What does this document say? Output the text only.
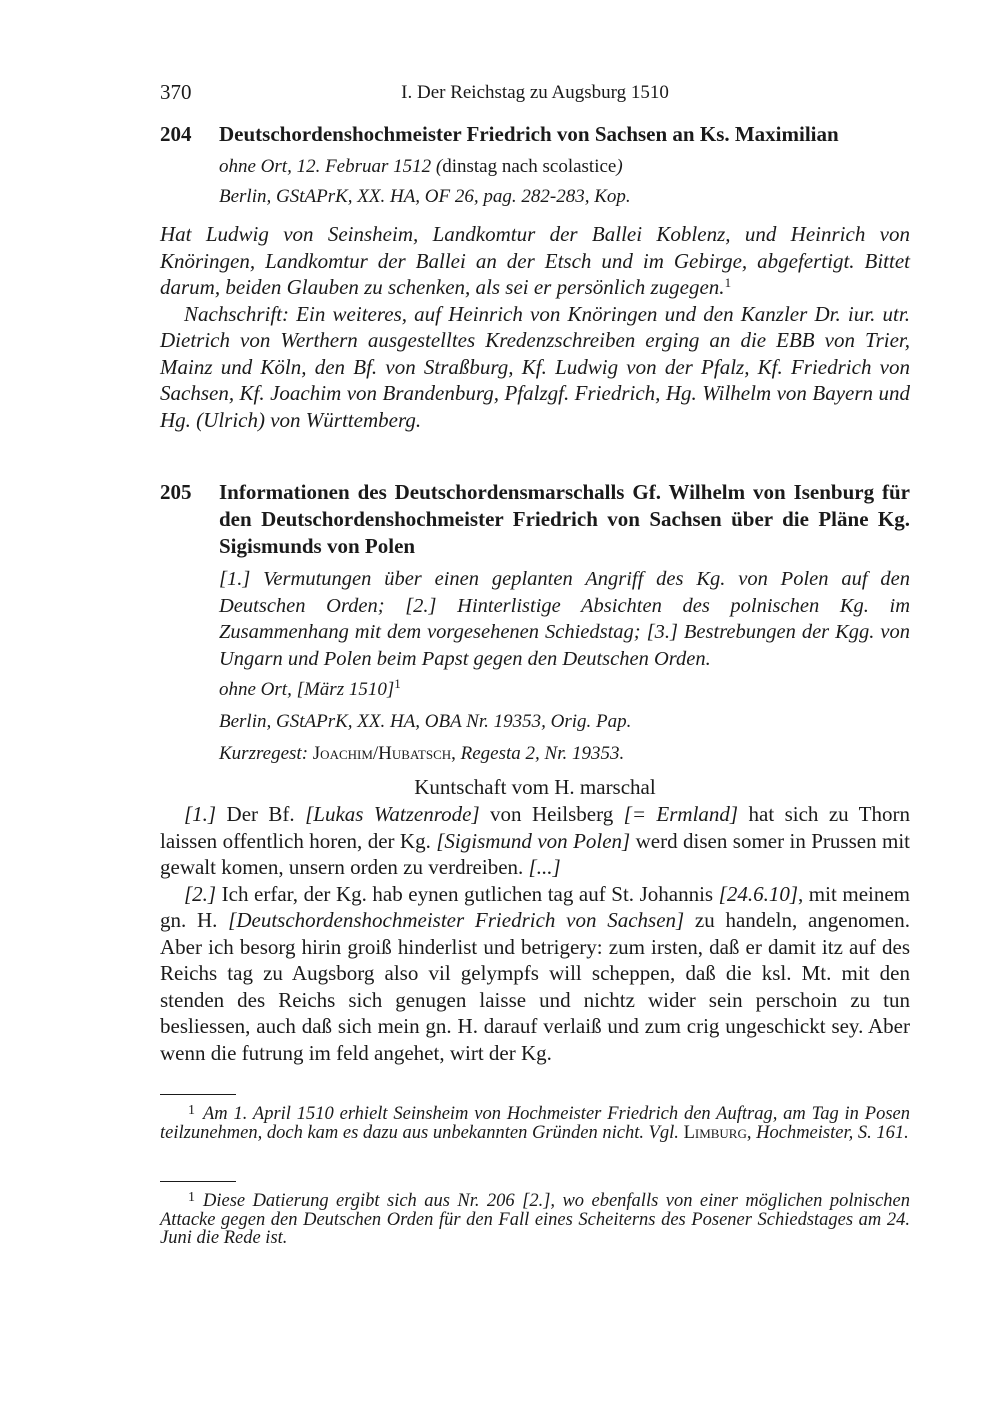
370	I. Der Reichstag zu Augsburg 1510
204 Deutschordenshochmeister Friedrich von Sachsen an Ks. Maximilian
ohne Ort, 12. Februar 1512 (dinstag nach scolastice)
Berlin, GStAPrK, XX. HA, OF 26, pag. 282-283, Kop.

Hat Ludwig von Seinsheim, Landkomtur der Ballei Koblenz, und Heinrich von Knöringen, Landkomtur der Ballei an der Etsch und im Gebirge, abgefertigt. Bittet darum, beiden Glauben zu schenken, als sei er persönlich zugegen.$^1$

Nachschrift: Ein weiteres, auf Heinrich von Knöringen und den Kanzler Dr. iur. utr. Dietrich von Werthern ausgestelltes Kredenzschreiben erging an die EBB von Trier, Mainz und Köln, den Bf. von Straßburg, Kf. Ludwig von der Pfalz, Kf. Friedrich von Sachsen, Kf. Joachim von Brandenburg, Pfalzgf. Friedrich, Hg. Wilhelm von Bayern und Hg. (Ulrich) von Württemberg.

205 Informationen des Deutschordensmarschalls Gf. Wilhelm von Isenburg für den Deutschordenshochmeister Friedrich von Sachsen über die Pläne Kg. Sigismunds von Polen
[1.] Vermutungen über einen geplanten Angriff des Kg. von Polen auf den Deutschen Orden; [2.] Hinterlistige Absichten des polnischen Kg. im Zusammenhang mit dem vorgesehenen Schiedstag; [3.] Bestrebungen der Kgg. von Ungarn und Polen beim Papst gegen den Deutschen Orden.
ohne Ort, [März 1510]$^1$
Berlin, GStAPrK, XX. HA, OBA Nr. 19353, Orig. Pap.
Kurzregest: Joachim/Hubatsch, Regesta 2, Nr. 19353.
Kuntschaft vom H. marschal

[1.] Der Bf. [Lukas Watzenrode] von Heilsberg [= Ermland] hat sich zu Thorn laissen offentlich horen, der Kg. [Sigismund von Polen] werd disen somer in Prussen mit gewalt komen, unsern orden zu verdreiben. [...]

[2.] Ich erfar, der Kg. hab eynen gutlichen tag auf St. Johannis [24.6.10], mit meinem gn. H. [Deutschordenshochmeister Friedrich von Sachsen] zu handeln, angenomen. Aber ich besorg hirin groiß hinderlist und betrigery: zum irsten, daß er damit itz auf des Reichs tag zu Augsborg also vil gelympfs will scheppen, daß die ksl. Mt. mit den stenden des Reichs sich genugen laisse und nichtz wider sein perschoin zu tun besliessen, auch daß sich mein gn. H. darauf verlaiß und zum crig ungeschickt sey. Aber wenn die futrung im feld angehet, wirt der Kg.

$^1$ Am 1. April 1510 erhielt Seinsheim von Hochmeister Friedrich den Auftrag, am Tag in Posen teilzunehmen, doch kam es dazu aus unbekannten Gründen nicht. Vgl. Limburg, Hochmeister, S. 161.

$^1$ Diese Datierung ergibt sich aus Nr. 206 [2.], wo ebenfalls von einer möglichen polnischen Attacke gegen den Deutschen Orden für den Fall eines Scheiterns des Posener Schiedstages am 24. Juni die Rede ist.
